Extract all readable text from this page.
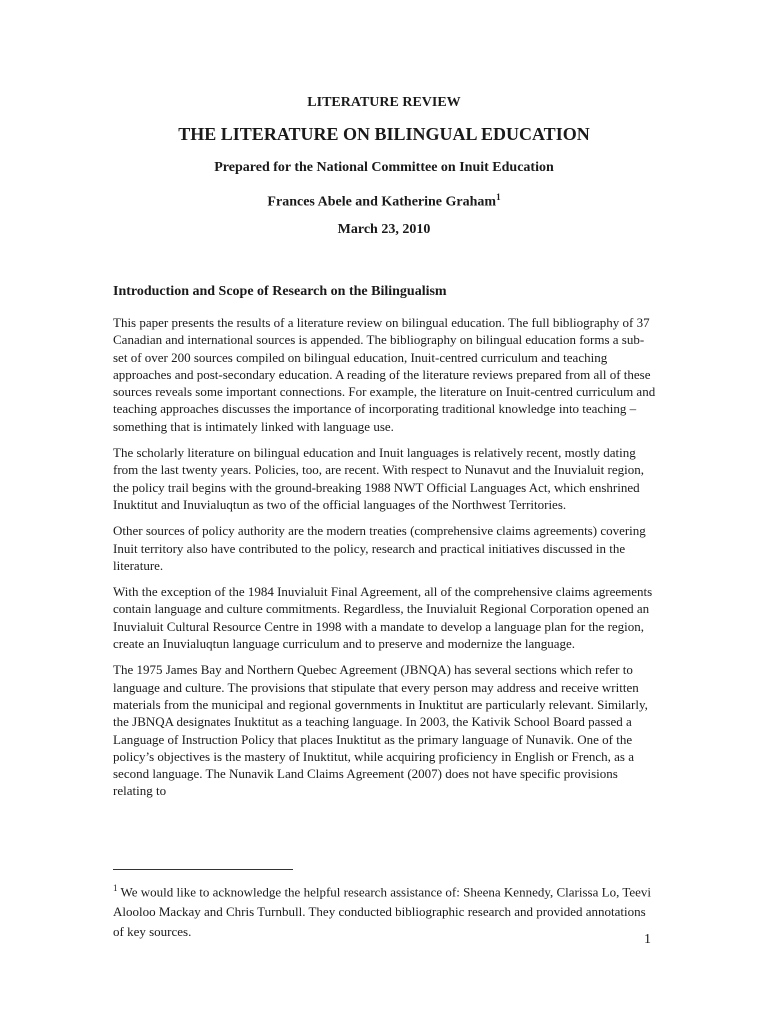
LITERATURE REVIEW
THE LITERATURE ON BILINGUAL EDUCATION
Prepared for the National Committee on Inuit Education
Frances Abele and Katherine Graham$^1$
March 23, 2010
Introduction and Scope of Research on the Bilingualism

This paper presents the results of a literature review on bilingual education. The full bibliography of 37 Canadian and international sources is appended. The bibliography on bilingual education forms a sub-set of over 200 sources compiled on bilingual education, Inuit-centred curriculum and teaching approaches and post-secondary education. A reading of the literature reviews prepared from all of these sources reveals some important connections. For example, the literature on Inuit-centred curriculum and teaching approaches discusses the importance of incorporating traditional knowledge into teaching – something that is intimately linked with language use.

The scholarly literature on bilingual education and Inuit languages is relatively recent, mostly dating from the last twenty years. Policies, too, are recent. With respect to Nunavut and the Inuvialuit region, the policy trail begins with the ground-breaking 1988 NWT Official Languages Act, which enshrined Inuktitut and Inuvialuqtun as two of the official languages of the Northwest Territories.

Other sources of policy authority are the modern treaties (comprehensive claims agreements) covering Inuit territory also have contributed to the policy, research and practical initiatives discussed in the literature.

With the exception of the 1984 Inuvialuit Final Agreement, all of the comprehensive claims agreements contain language and culture commitments. Regardless, the Inuvialuit Regional Corporation opened an Inuvialuit Cultural Resource Centre in 1998 with a mandate to develop a language plan for the region, create an Inuvialuqtun language curriculum and to preserve and modernize the language.

The 1975 James Bay and Northern Quebec Agreement (JBNQA) has several sections which refer to language and culture. The provisions that stipulate that every person may address and receive written materials from the municipal and regional governments in Inuktitut are particularly relevant. Similarly, the JBNQA designates Inuktitut as a teaching language. In 2003, the Kativik School Board passed a Language of Instruction Policy that places Inuktitut as the primary language of Nunavik. One of the policy’s objectives is the mastery of Inuktitut, while acquiring proficiency in English or French, as a second language. The Nunavik Land Claims Agreement (2007) does not have specific provisions relating to

$^1$ We would like to acknowledge the helpful research assistance of: Sheena Kennedy, Clarissa Lo, Teevi Alooloo Mackay and Chris Turnbull. They conducted bibliographic research and provided annotations of key sources.
1
